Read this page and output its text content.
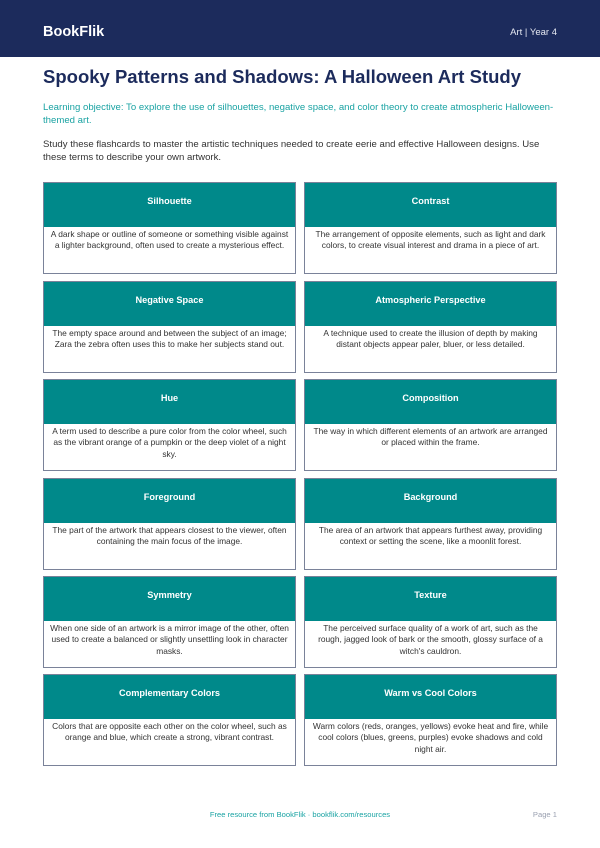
BookFlik	Art | Year 4
Spooky Patterns and Shadows: A Halloween Art Study

Learning objective: To explore the use of silhouettes, negative space, and color theory to create atmospheric Halloween-themed art.

Study these flashcards to master the artistic techniques needed to create eerie and effective Halloween designs. Use these terms to describe your own artwork.

Silhouette
A dark shape or outline of someone or something visible against a lighter background, often used to create a mysterious effect.
Contrast
The arrangement of opposite elements, such as light and dark colors, to create visual interest and drama in a piece of art.
Negative Space
The empty space around and between the subject of an image; Zara the zebra often uses this to make her subjects stand out.
Atmospheric Perspective
A technique used to create the illusion of depth by making distant objects appear paler, bluer, or less detailed.
Hue
A term used to describe a pure color from the color wheel, such as the vibrant orange of a pumpkin or the deep violet of a night sky.
Composition
The way in which different elements of an artwork are arranged or placed within the frame.
Foreground
The part of the artwork that appears closest to the viewer, often containing the main focus of the image.
Background
The area of an artwork that appears furthest away, providing context or setting the scene, like a moonlit forest.
Symmetry
When one side of an artwork is a mirror image of the other, often used to create a balanced or slightly unsettling look in character masks.
Texture
The perceived surface quality of a work of art, such as the rough, jagged look of bark or the smooth, glossy surface of a witch's cauldron.
Complementary Colors
Colors that are opposite each other on the color wheel, such as orange and blue, which create a strong, vibrant contrast.
Warm vs Cool Colors
Warm colors (reds, oranges, yellows) evoke heat and fire, while cool colors (blues, greens, purples) evoke shadows and cold night air.
Free resource from BookFlik · bookflik.com/resources	Page 1
